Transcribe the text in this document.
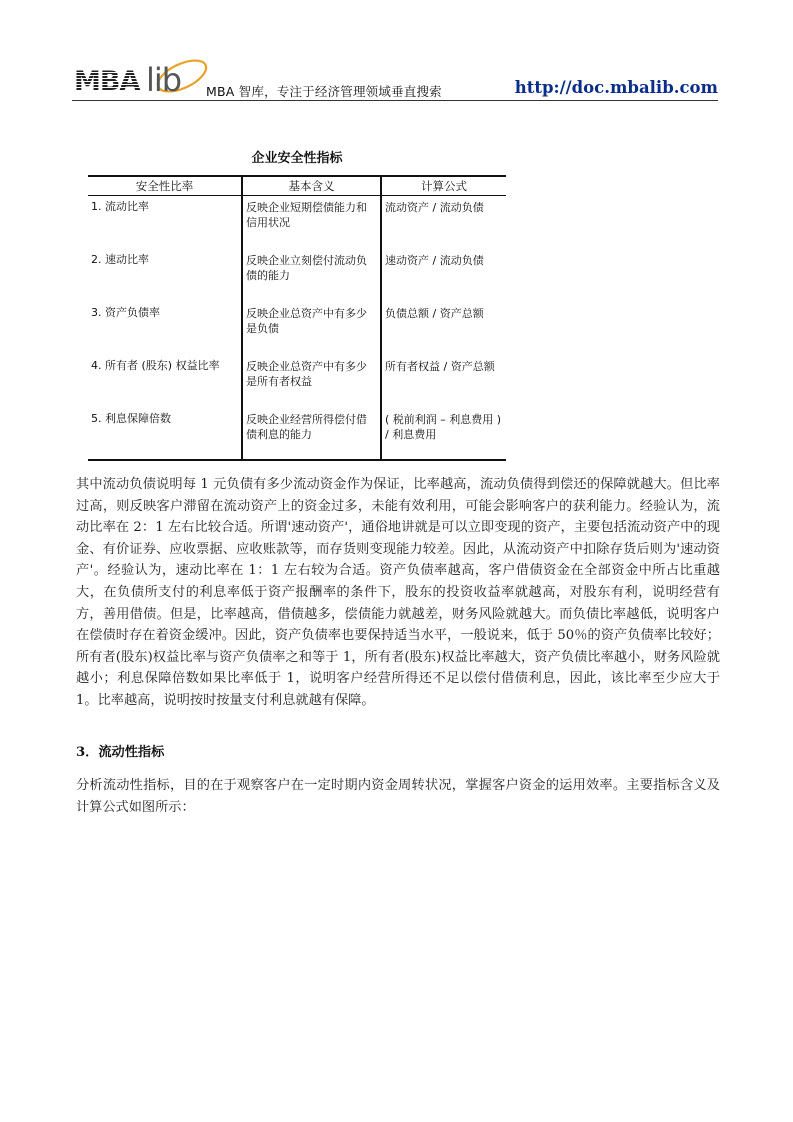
MBA lib MBA 智库，专注于经济管理领域垂直搜索	http://doc.mbalib.com
企业安全性指标
安全性比率	基本含义	计算公式
1. 流动比率	反映企业短期偿债能力和信用状况	流动资产 / 流动负债
2. 速动比率	反映企业立刻偿付流动负债的能力	速动资产 / 流动负债
3. 资产负债率	反映企业总资产中有多少是负债	负债总额 / 资产总额
4. 所有者 (股东) 权益比率	反映企业总资产中有多少是所有者权益	所有者权益 / 资产总额
5. 利息保障倍数	反映企业经营所得偿付借债利息的能力	( 税前利润 – 利息费用 ) / 利息费用

其中流动负债说明每 1 元负债有多少流动资金作为保证，比率越高，流动负债得到偿还的保障就越大。但比率过高，则反映客户滞留在流动资产上的资金过多，未能有效利用，可能会影响客户的获利能力。经验认为，流动比率在 2：1 左右比较合适。所谓'速动资产'，通俗地讲就是可以立即变现的资产，主要包括流动资产中的现金、有价证券、应收票据、应收账款等，而存货则变现能力较差。因此，从流动资产中扣除存货后则为'速动资产'。经验认为，速动比率在 1：1 左右较为合适。资产负债率越高，客户借债资金在全部资金中所占比重越大，在负债所支付的利息率低于资产报酬率的条件下，股东的投资收益率就越高，对股东有利，说明经营有方，善用借债。但是，比率越高，借债越多，偿债能力就越差，财务风险就越大。而负债比率越低，说明客户在偿债时存在着资金缓冲。因此，资产负债率也要保持适当水平，一般说来，低于 50％的资产负债率比较好；所有者(股东)权益比率与资产负债率之和等于 1，所有者(股东)权益比率越大，资产负债比率越小，财务风险就越小；利息保障倍数如果比率低于 1，说明客户经营所得还不足以偿付借债利息，因此，该比率至少应大于 1。比率越高，说明按时按量支付利息就越有保障。

3．流动性指标

分析流动性指标，目的在于观察客户在一定时期内资金周转状况，掌握客户资金的运用效率。主要指标含义及计算公式如图所示：
